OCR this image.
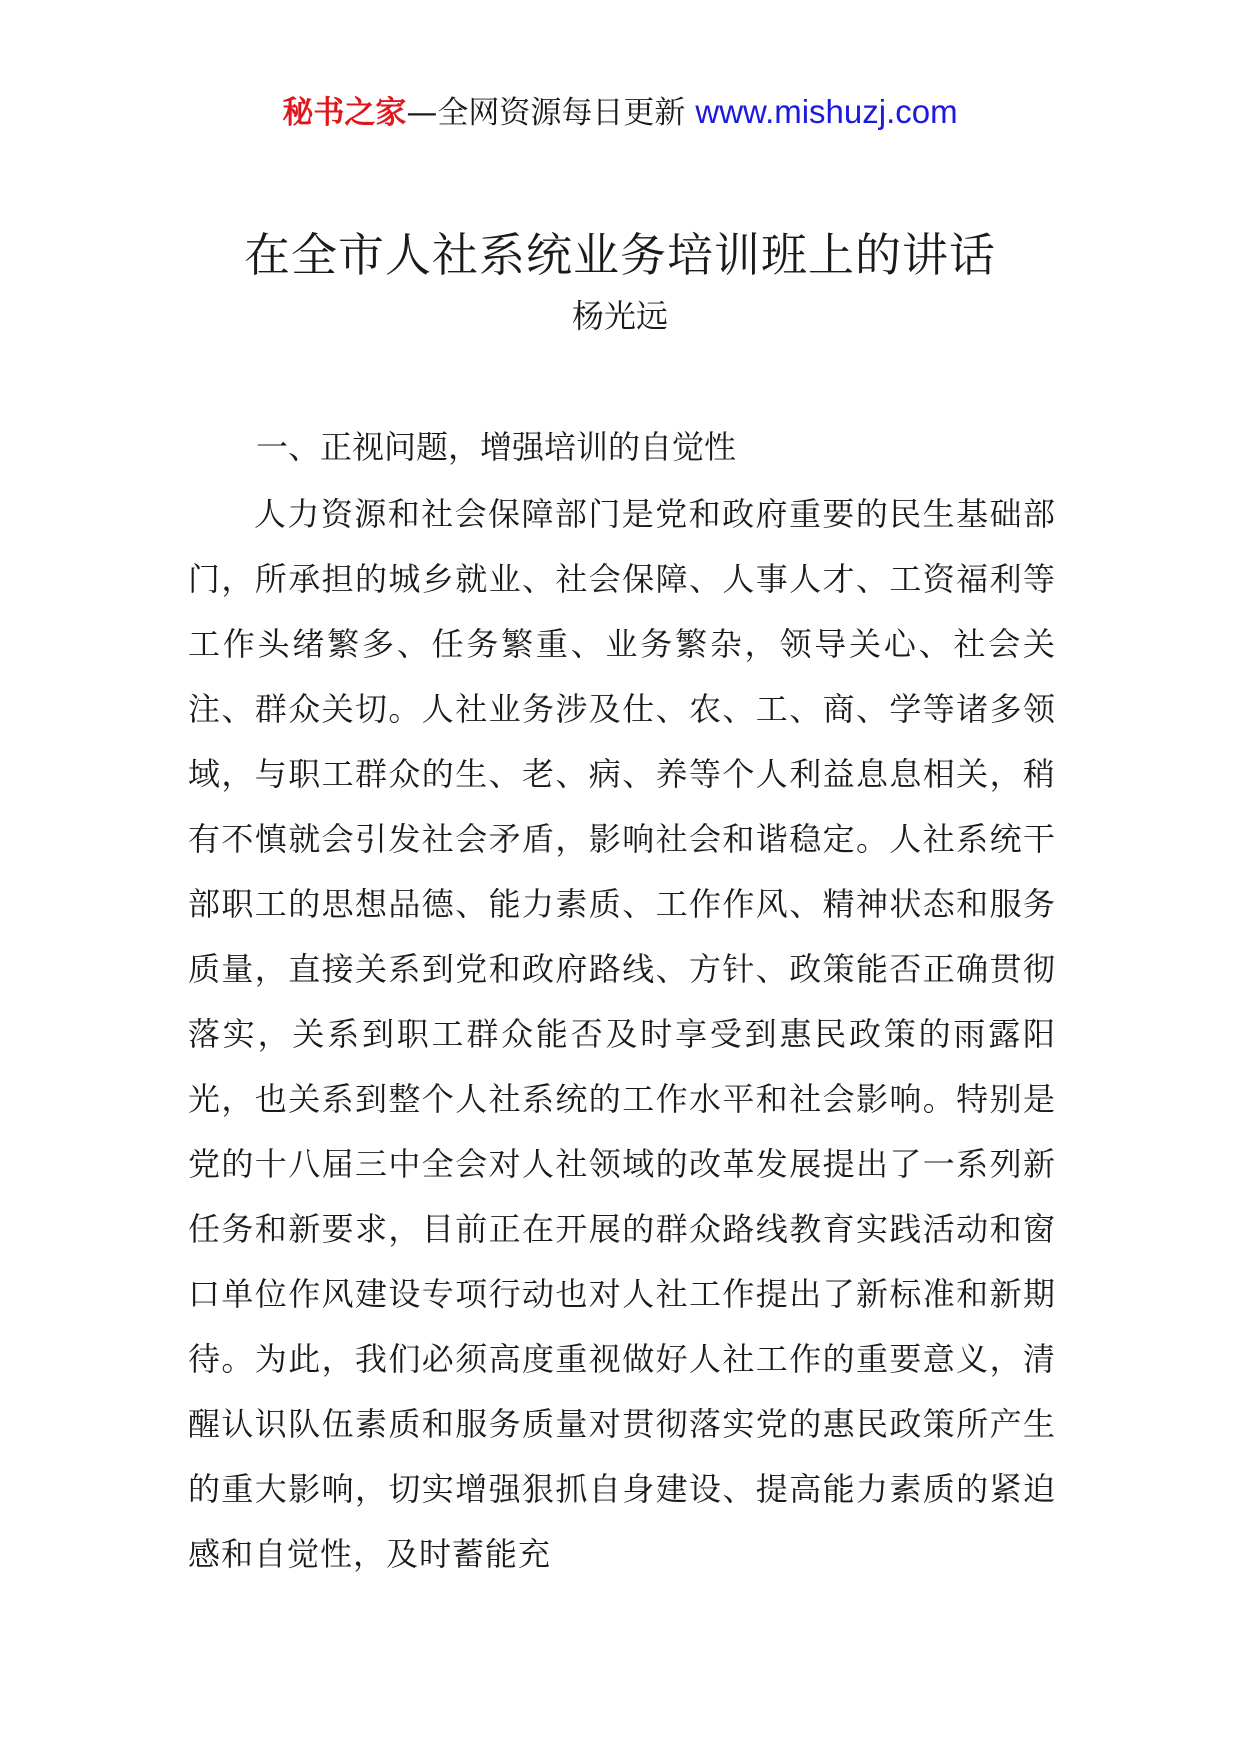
秘书之家—全网资源每日更新 www.mishuzj.com
在全市人社系统业务培训班上的讲话
杨光远
一、正视问题，增强培训的自觉性

人力资源和社会保障部门是党和政府重要的民生基础部门，所承担的城乡就业、社会保障、人事人才、工资福利等工作头绪繁多、任务繁重、业务繁杂，领导关心、社会关注、群众关切。人社业务涉及仕、农、工、商、学等诸多领域，与职工群众的生、老、病、养等个人利益息息相关，稍有不慎就会引发社会矛盾，影响社会和谐稳定。人社系统干部职工的思想品德、能力素质、工作作风、精神状态和服务质量，直接关系到党和政府路线、方针、政策能否正确贯彻落实，关系到职工群众能否及时享受到惠民政策的雨露阳光，也关系到整个人社系统的工作水平和社会影响。特别是党的十八届三中全会对人社领域的改革发展提出了一系列新任务和新要求，目前正在开展的群众路线教育实践活动和窗口单位作风建设专项行动也对人社工作提出了新标准和新期待。为此，我们必须高度重视做好人社工作的重要意义，清醒认识队伍素质和服务质量对贯彻落实党的惠民政策所产生的重大影响，切实增强狠抓自身建设、提高能力素质的紧迫感和自觉性，及时蓄能充
